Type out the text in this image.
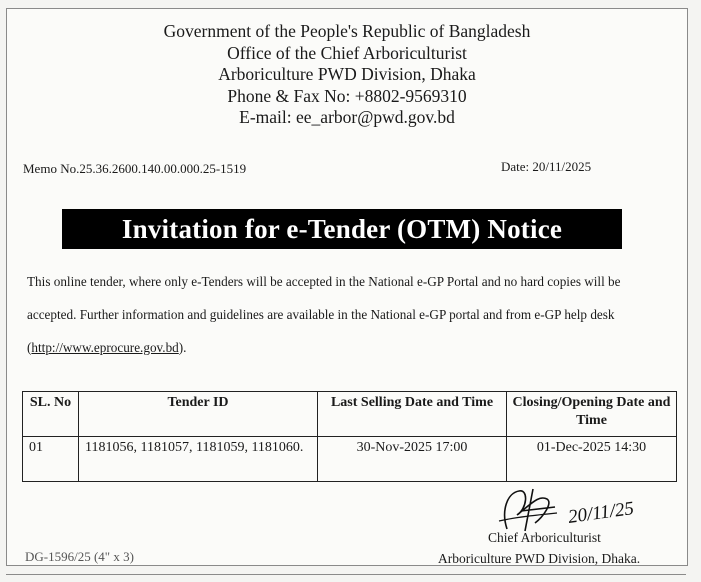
Government of the People's Republic of Bangladesh
Office of the Chief Arboriculturist
Arboriculture PWD Division, Dhaka
Phone & Fax No: +8802-9569310
E-mail: ee_arbor@pwd.gov.bd
Memo No.25.36.2600.140.00.000.25-1519	Date: 20/11/2025
Invitation for e-Tender (OTM) Notice
This online tender, where only e-Tenders will be accepted in the National e-GP Portal and no hard copies will be accepted. Further information and guidelines are available in the National e-GP portal and from e-GP help desk (http://www.eprocure.gov.bd).
SL. No	Tender ID	Last Selling Date and Time	Closing/Opening Date and Time
01	1181056, 1181057, 1181059, 1181060.	30-Nov-2025 17:00	01-Dec-2025 14:30
20/11/25
Chief Arboriculturist
Arboriculture PWD Division, Dhaka.
DG-1596/25 (4" x 3)
